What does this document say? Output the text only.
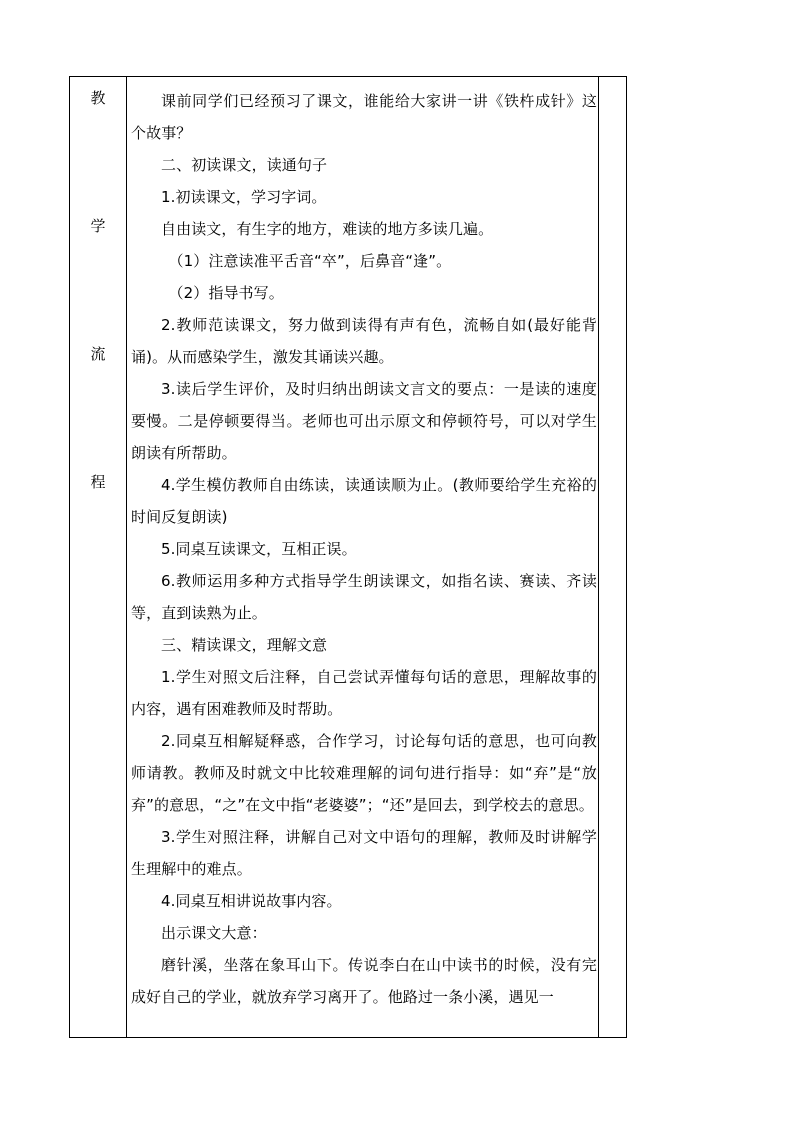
教
学
流
程

课前同学们已经预习了课文，谁能给大家讲一讲《铁杵成针》这个故事？

二、初读课文，读通句子

1.初读课文，学习字词。

自由读文，有生字的地方，难读的地方多读几遍。

（1）注意读准平舌音“卒”，后鼻音“逢”。

（2）指导书写。

2.教师范读课文，努力做到读得有声有色，流畅自如(最好能背诵)。从而感染学生，激发其诵读兴趣。

3.读后学生评价，及时归纳出朗读文言文的要点：一是读的速度要慢。二是停顿要得当。老师也可出示原文和停顿符号，可以对学生朗读有所帮助。

4.学生模仿教师自由练读，读通读顺为止。(教师要给学生充裕的时间反复朗读)

5.同桌互读课文，互相正误。

6.教师运用多种方式指导学生朗读课文，如指名读、赛读、齐读等，直到读熟为止。

三、精读课文，理解文意

1.学生对照文后注释，自己尝试弄懂每句话的意思，理解故事的内容，遇有困难教师及时帮助。

2.同桌互相解疑释惑，合作学习，讨论每句话的意思，也可向教师请教。教师及时就文中比较难理解的词句进行指导：如“弃”是“放弃”的意思，“之”在文中指“老婆婆”；“还”是回去，到学校去的意思。

3.学生对照注释，讲解自己对文中语句的理解，教师及时讲解学生理解中的难点。

4.同桌互相讲说故事内容。

出示课文大意：

磨针溪，坐落在象耳山下。传说李白在山中读书的时候，没有完成好自己的学业，就放弃学习离开了。他路过一条小溪，遇见一
